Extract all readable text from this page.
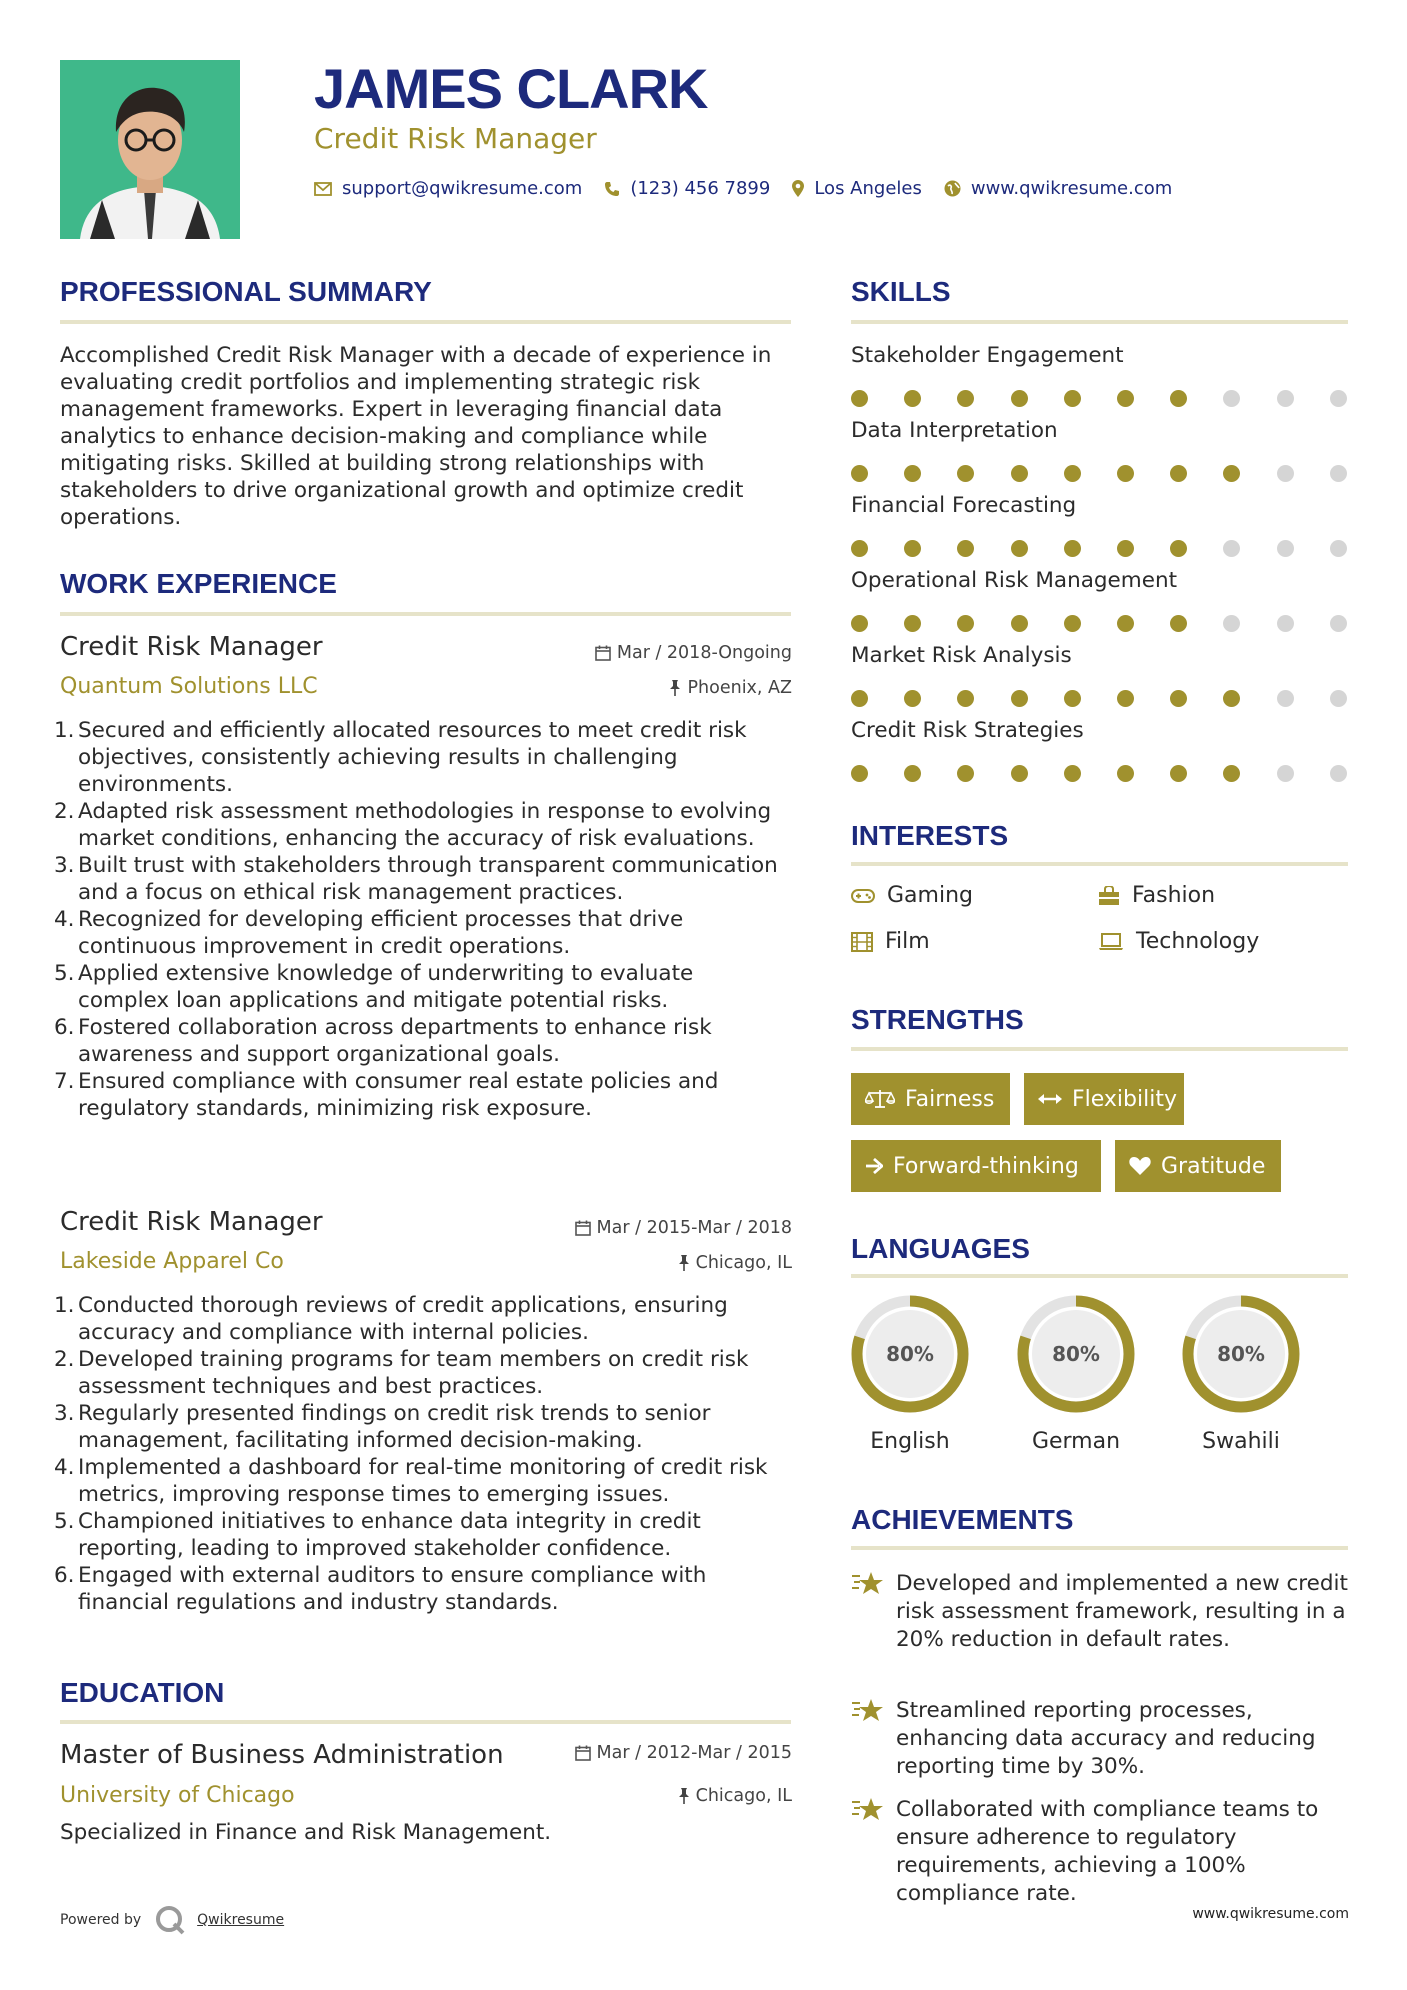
JAMES CLARK
Credit Risk Manager
support@qwikresume.com	(123) 456 7899 Los Angeles	www.qwikresume.com
PROFESSIONAL SUMMARY
Accomplished Credit Risk Manager with a decade of experience in evaluating credit portfolios and implementing strategic risk management frameworks. Expert in leveraging financial data analytics to enhance decision-making and compliance while mitigating risks. Skilled at building strong relationships with stakeholders to drive organizational growth and optimize credit operations.
WORK EXPERIENCE
Credit Risk Manager
Quantum Solutions LLC
Mar / 2018-Ongoing
Phoenix, AZ
1. Secured and efficiently allocated resources to meet credit risk objectives, consistently achieving results in challenging environments.
2. Adapted risk assessment methodologies in response to evolving market conditions, enhancing the accuracy of risk evaluations.
3. Built trust with stakeholders through transparent communication and a focus on ethical risk management practices.
4. Recognized for developing efficient processes that drive continuous improvement in credit operations.
5. Applied extensive knowledge of underwriting to evaluate complex loan applications and mitigate potential risks.
6. Fostered collaboration across departments to enhance risk awareness and support organizational goals.
7. Ensured compliance with consumer real estate policies and regulatory standards, minimizing risk exposure.
Credit Risk Manager
Lakeside Apparel Co
Mar / 2015-Mar / 2018
Chicago, IL
1. Conducted thorough reviews of credit applications, ensuring accuracy and compliance with internal policies.
2. Developed training programs for team members on credit risk assessment techniques and best practices.
3. Regularly presented findings on credit risk trends to senior management, facilitating informed decision-making.
4. Implemented a dashboard for real-time monitoring of credit risk metrics, improving response times to emerging issues.
5. Championed initiatives to enhance data integrity in credit reporting, leading to improved stakeholder confidence.
6. Engaged with external auditors to ensure compliance with financial regulations and industry standards.
EDUCATION
Master of Business Administration
University of Chicago
Mar / 2012-Mar / 2015
Chicago, IL
Specialized in Finance and Risk Management.
SKILLS
Stakeholder Engagement
Data Interpretation
Financial Forecasting
Operational Risk Management
Market Risk Analysis
Credit Risk Strategies
INTERESTS
Gaming	Fashion
Film	Technology
STRENGTHS
Fairness	Flexibility
Forward-thinking	Gratitude
LANGUAGES
80%
English
80%
German
80%
Swahili
ACHIEVEMENTS
Developed and implemented a new credit risk assessment framework, resulting in a 20% reduction in default rates.
Streamlined reporting processes, enhancing data accuracy and reducing reporting time by 30%.
Collaborated with compliance teams to ensure adherence to regulatory requirements, achieving a 100% compliance rate.
Powered by	Qwikresume	www.qwikresume.com
